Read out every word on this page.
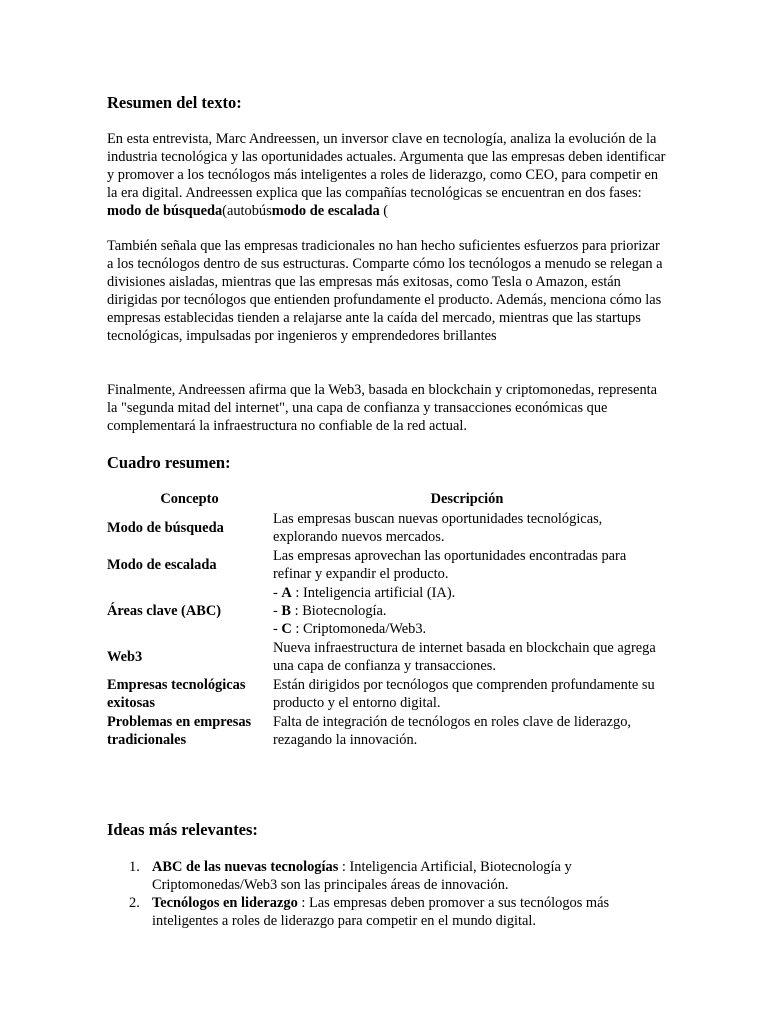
Resumen del texto:

En esta entrevista, Marc Andreessen, un inversor clave en tecnología, analiza la evolución de la industria tecnológica y las oportunidades actuales. Argumenta que las empresas deben identificar y promover a los tecnólogos más inteligentes a roles de liderazgo, como CEO, para competir en la era digital. Andreessen explica que las compañías tecnológicas se encuentran en dos fases: modo de búsqueda(autobúsmodo de escalada (

También señala que las empresas tradicionales no han hecho suficientes esfuerzos para priorizar a los tecnólogos dentro de sus estructuras. Comparte cómo los tecnólogos a menudo se relegan a divisiones aisladas, mientras que las empresas más exitosas, como Tesla o Amazon, están dirigidas por tecnólogos que entienden profundamente el producto. Además, menciona cómo las empresas establecidas tienden a relajarse ante la caída del mercado, mientras que las startups tecnológicas, impulsadas por ingenieros y emprendedores brillantes

Finalmente, Andreessen afirma que la Web3, basada en blockchain y criptomonedas, representa la "segunda mitad del internet", una capa de confianza y transacciones económicas que complementará la infraestructura no confiable de la red actual.

Cuadro resumen:
Concepto	Descripción
Modo de búsqueda
Las empresas buscan nuevas oportunidades tecnológicas, explorando nuevos mercados.
Modo de escalada
Las empresas aprovechan las oportunidades encontradas para refinar y expandir el producto.
Áreas clave (ABC)
- A : Inteligencia artificial (IA).
- B : Biotecnología.
- C : Criptomoneda/Web3.
Web3
Nueva infraestructura de internet basada en blockchain que agrega una capa de confianza y transacciones.
Empresas tecnológicas exitosas
Están dirigidos por tecnólogos que comprenden profundamente su producto y el entorno digital.
Problemas en empresas tradicionales
Falta de integración de tecnólogos en roles clave de liderazgo, rezagando la innovación.
Ideas más relevantes:
1. ABC de las nuevas tecnologías : Inteligencia Artificial, Biotecnología y Criptomonedas/Web3 son las principales áreas de innovación.
2. Tecnólogos en liderazgo : Las empresas deben promover a sus tecnólogos más inteligentes a roles de liderazgo para competir en el mundo digital.
